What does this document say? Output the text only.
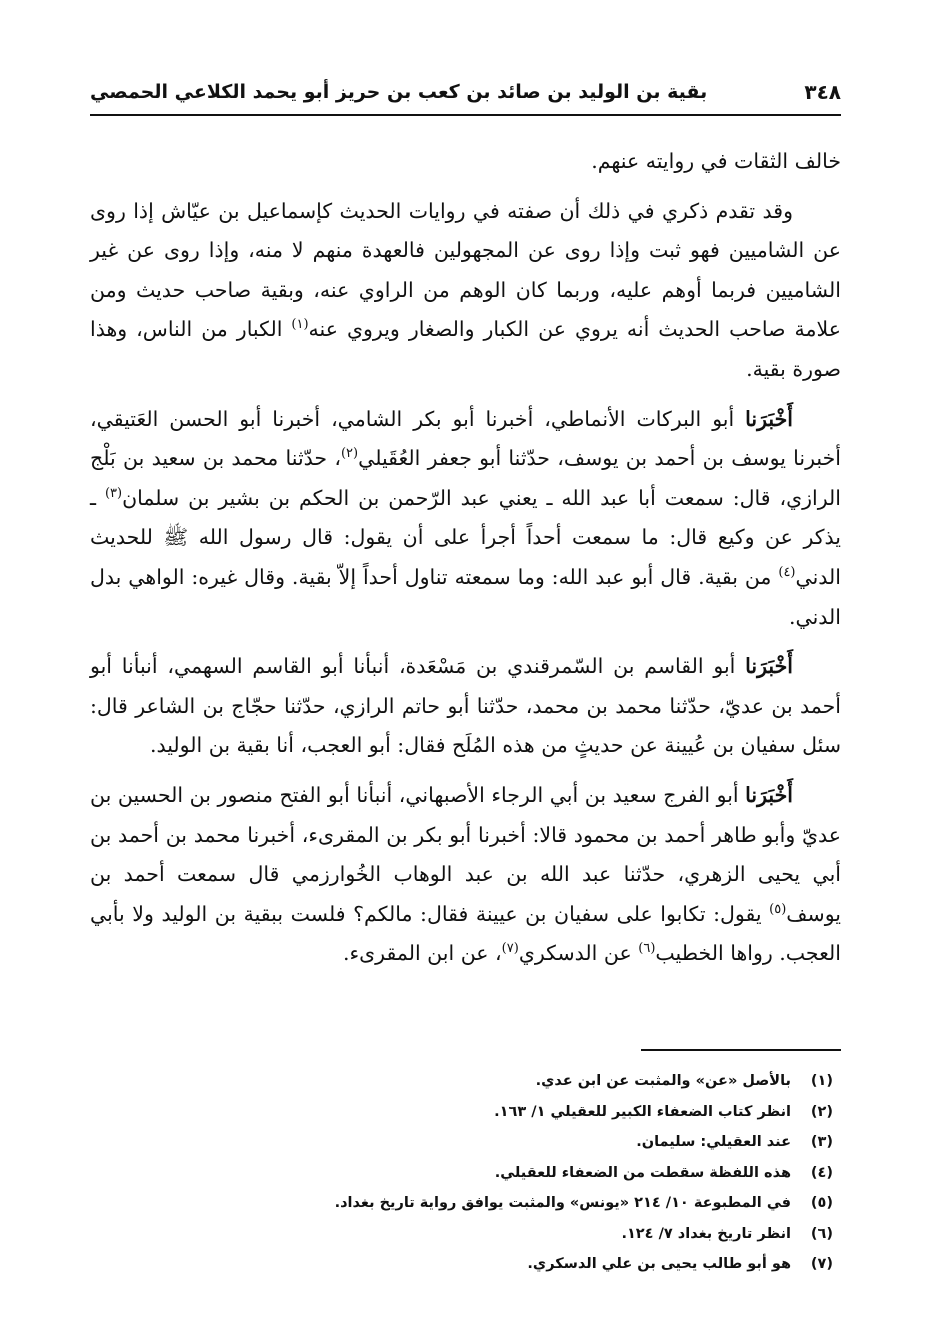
٣٤٨
بقية بن الوليد بن صائد بن كعب بن حريز أبو يحمد الكلاعي الحمصي

خالف الثقات في روايته عنهم.

وقد تقدم ذكري في ذلك أن صفته في روايات الحديث كإسماعيل بن عيّاش إذا روى عن الشاميين فهو ثبت وإذا روى عن المجهولين فالعهدة منهم لا منه، وإذا روى عن غير الشاميين فربما أوهم عليه، وربما كان الوهم من الراوي عنه، وبقية صاحب حديث ومن علامة صاحب الحديث أنه يروي عن الكبار والصغار ويروي عنه$^{(١)}$ الكبار من الناس، وهذا صورة بقية.

أَخْبَرَنا أبو البركات الأنماطي، أخبرنا أبو بكر الشامي، أخبرنا أبو الحسن العَتيقي، أخبرنا يوسف بن أحمد بن يوسف، حدّثنا أبو جعفر العُقَيلي$^{(٢)}$، حدّثنا محمد بن سعيد بن بَلْج الرازي، قال: سمعت أبا عبد الله ـ يعني عبد الرّحمن بن الحكم بن بشير بن سلمان$^{(٣)}$ ـ يذكر عن وكيع قال: ما سمعت أحداً أجرأ على أن يقول: قال رسول الله ﷺ للحديث الدني$^{(٤)}$ من بقية. قال أبو عبد الله: وما سمعته تناول أحداً إلاّ بقية. وقال غيره: الواهي بدل الدني.

أَخْبَرَنا أبو القاسم بن السّمرقندي بن مَسْعَدة، أنبأنا أبو القاسم السهمي، أنبأنا أبو أحمد بن عديّ، حدّثنا محمد بن محمد، حدّثنا أبو حاتم الرازي، حدّثنا حجّاج بن الشاعر قال: سئل سفيان بن عُيينة عن حديثٍ من هذه المُلَح فقال: أبو العجب، أنا بقية بن الوليد.

أَخْبَرَنا أبو الفرج سعيد بن أبي الرجاء الأصبهاني، أنبأنا أبو الفتح منصور بن الحسين بن عديّ وأبو طاهر أحمد بن محمود قالا: أخبرنا أبو بكر بن المقرىء، أخبرنا محمد بن أحمد بن أبي يحيى الزهري، حدّثنا عبد الله بن عبد الوهاب الخُوارزمي قال سمعت أحمد بن يوسف$^{(٥)}$ يقول: تكابوا على سفيان بن عيينة فقال: مالكم؟ فلست ببقية بن الوليد ولا بأبي العجب. رواها الخطيب$^{(٦)}$ عن الدسكري$^{(٧)}$، عن ابن المقرىء.

(١)
بالأصل «عن» والمثبت عن ابن عدي.
(٢)
انظر كتاب الضعفاء الكبير للعقيلي ١/ ١٦٣.
(٣)
عند العقيلي: سليمان.
(٤)
هذه اللفظة سقطت من الضعفاء للعقيلي.
(٥)
في المطبوعة ١٠/ ٢١٤ «يونس» والمثبت يوافق رواية تاريخ بغداد.
(٦)
انظر تاريخ بغداد ٧/ ١٢٤.
(٧)
هو أبو طالب يحيى بن علي الدسكري.
